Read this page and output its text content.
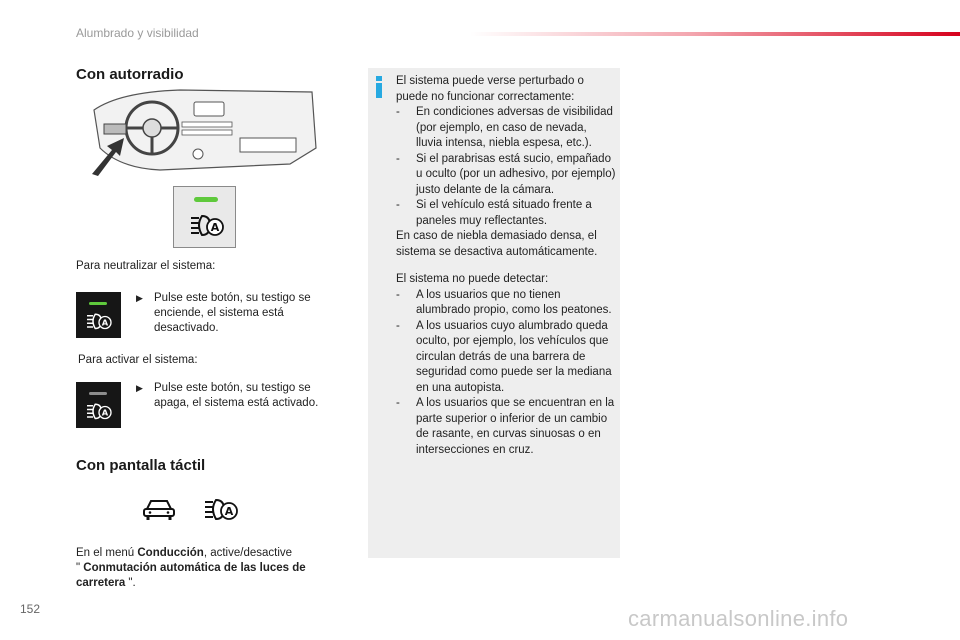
Alumbrado y visibilidad
Con autorradio
A
Para neutralizar el sistema:
A
▶ Pulse este botón, su testigo se enciende, el sistema está desactivado.
Para activar el sistema:
A
▶ Pulse este botón, su testigo se apaga, el sistema está activado.
Con pantalla táctil
A
En el menú Conducción, active/desactive
" Conmutación automática de las luces de carretera ".

El sistema puede verse perturbado o puede no funcionar correctamente:

- En condiciones adversas de visibilidad (por ejemplo, en caso de nevada, lluvia intensa, niebla espesa, etc.).
- Si el parabrisas está sucio, empañado u oculto (por un adhesivo, por ejemplo) justo delante de la cámara.
- Si el vehículo está situado frente a paneles muy reflectantes.

En caso de niebla demasiado densa, el sistema se desactiva automáticamente.

El sistema no puede detectar:

- A los usuarios que no tienen alumbrado propio, como los peatones.
- A los usuarios cuyo alumbrado queda oculto, por ejemplo, los vehículos que circulan detrás de una barrera de seguridad como puede ser la mediana en una autopista.
- A los usuarios que se encuentran en la parte superior o inferior de un cambio de rasante, en curvas sinuosas o en intersecciones en cruz.
152	carmanualsonline.info
